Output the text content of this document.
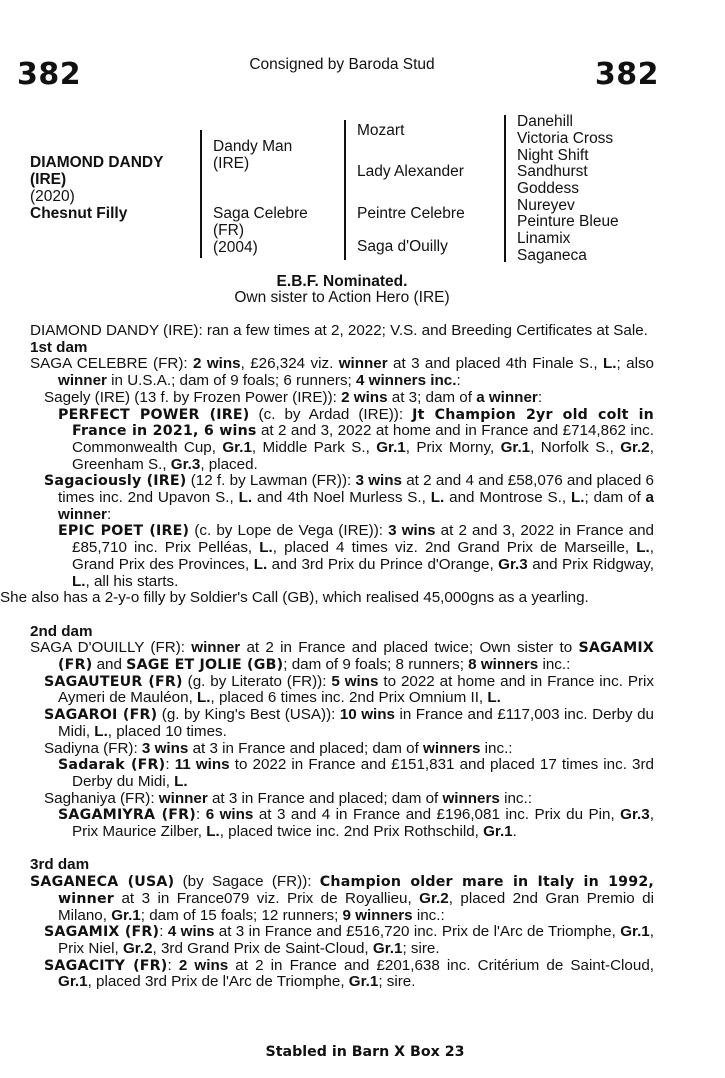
382	382
Consigned by Baroda Stud
DIAMOND DANDY
(IRE)
(2020)
Chesnut Filly
Dandy Man
(IRE)
Saga Celebre
(FR)
(2004)
Mozart
Lady Alexander
Peintre Celebre
Saga d'Ouilly
Danehill
Victoria Cross
Night Shift
Sandhurst
Goddess
Nureyev
Peinture Bleue
Linamix
Saganeca
E.B.F. Nominated.
Own sister to Action Hero (IRE)
DIAMOND DANDY (IRE): ran a few times at 2, 2022; V.S. and Breeding Certificates at Sale.
1st dam
SAGA CELEBRE (FR): 2 wins, £26,324 viz. winner at 3 and placed 4th Finale S., L.; also winner in U.S.A.; dam of 9 foals; 6 runners; 4 winners inc.:
Sagely (IRE) (13 f. by Frozen Power (IRE)): 2 wins at 3; dam of a winner:
PERFECT POWER (IRE) (c. by Ardad (IRE)): Jt Champion 2yr old colt in France in 2021, 6 wins at 2 and 3, 2022 at home and in France and £714,862 inc. Commonwealth Cup, Gr.1, Middle Park S., Gr.1, Prix Morny, Gr.1, Norfolk S., Gr.2, Greenham S., Gr.3, placed.
Sagaciously (IRE) (12 f. by Lawman (FR)): 3 wins at 2 and 4 and £58,076 and placed 6 times inc. 2nd Upavon S., L. and 4th Noel Murless S., L. and Montrose S., L.; dam of a winner:
EPIC POET (IRE) (c. by Lope de Vega (IRE)): 3 wins at 2 and 3, 2022 in France and £85,710 inc. Prix Pelléas, L., placed 4 times viz. 2nd Grand Prix de Marseille, L., Grand Prix des Provinces, L. and 3rd Prix du Prince d'Orange, Gr.3 and Prix Ridgway, L., all his starts.
She also has a 2-y-o filly by Soldier's Call (GB), which realised 45,000gns as a yearling.
2nd dam
SAGA D'OUILLY (FR): winner at 2 in France and placed twice; Own sister to SAGAMIX (FR) and SAGE ET JOLIE (GB); dam of 9 foals; 8 runners; 8 winners inc.:
SAGAUTEUR (FR) (g. by Literato (FR)): 5 wins to 2022 at home and in France inc. Prix Aymeri de Mauléon, L., placed 6 times inc. 2nd Prix Omnium II, L.
SAGAROI (FR) (g. by King's Best (USA)): 10 wins in France and £117,003 inc. Derby du Midi, L., placed 10 times.
Sadiyna (FR): 3 wins at 3 in France and placed; dam of winners inc.:
Sadarak (FR): 11 wins to 2022 in France and £151,831 and placed 17 times inc. 3rd Derby du Midi, L.
Saghaniya (FR): winner at 3 in France and placed; dam of winners inc.:
SAGAMIYRA (FR): 6 wins at 3 and 4 in France and £196,081 inc. Prix du Pin, Gr.3, Prix Maurice Zilber, L., placed twice inc. 2nd Prix Rothschild, Gr.1.
3rd dam
SAGANECA (USA) (by Sagace (FR)): Champion older mare in Italy in 1992, winner at 3 in France079 viz. Prix de Royallieu, Gr.2, placed 2nd Gran Premio di Milano, Gr.1; dam of 15 foals; 12 runners; 9 winners inc.:
SAGAMIX (FR): 4 wins at 3 in France and £516,720 inc. Prix de l'Arc de Triomphe, Gr.1, Prix Niel, Gr.2, 3rd Grand Prix de Saint-Cloud, Gr.1; sire.
SAGACITY (FR): 2 wins at 2 in France and £201,638 inc. Critérium de Saint-Cloud, Gr.1, placed 3rd Prix de l'Arc de Triomphe, Gr.1; sire.
Stabled in Barn X Box 23
